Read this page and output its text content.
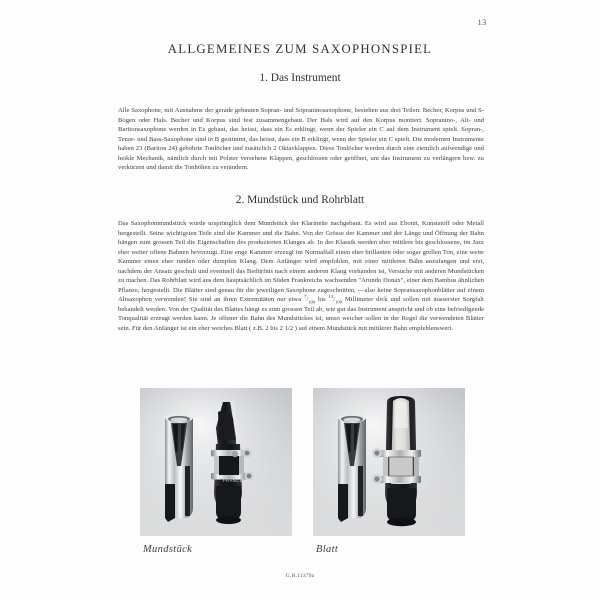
13
ALLGEMEINES ZUM SAXOPHONSPIEL
1. Das Instrument
Alle Saxophone, mit Ausnahme der gerade gebauten Sopran- und Sopraninosaxophone, bestehen aus drei Teilen: Becher, Korpus und S-Bogen oder Hals. Becher und Korpus sind fest zusammengebaut. Der Hals wird auf den Korpus montiert. Sopranino-, Alt- und Baritonsaxophone werden in Es gebaut, das heisst, dass ein Es erklingt, wenn der Spieler ein C auf dem Instrument spielt. Sopran-, Tenor- und Bass-Saxophone sind in B gestimmt, das heisst, dass ein B erklingt, wenn der Spieler ein C spielt. Die modernen Instrumente haben 23 (Bariton 24) gebohrte Tonlöcher und zusätzlich 2 Oktavklappen. Diese Tonlöcher werden durch eine ziemlich aufwendige und heikle Mechanik, nämlich durch mit Polster versehene Klappen, geschlossen oder geöffnet, um das Instrument zu verlängern bzw. zu verkürzen und damit die Tonhöhen zu verändern.
2. Mundstück und Rohrblatt
Das Saxophonmundstück wurde ursprünglich dem Mundstück der Klarinette nachgebaut. Es wird aus Ebonit, Kunststoff oder Metall hergestellt. Seine wichtigsten Teile sind die Kammer und die Bahn. Von der Grösse der Kammer und der Länge und Öffnung der Bahn hängen zum grossen Teil die Eigenschaften des produzierten Klanges ab. In der Klassik werden eher mittlere bis geschlossene, im Jazz eher weiter offene Bahnen bevorzugt. Eine enge Kammer erzeugt im Normalfall einen eher brillanten oder sogar grellen Ton, eine weite Kammer einen eher runden oder dumpfen Klang. Dem Anfänger wird empfohlen, mit einer mittleren Bahn anzufangen und erst, nachdem der Ansatz geschult und eventuell das Bedürfnis nach einem anderen Klang vorhanden ist, Versuche mit anderen Mundstücken zu machen. Das Rohrblatt wird aus dem hauptsächlich im Süden Frankreichs wachsenden "Arundo Donax", einer dem Bambus ähnlichen Pflanze, hergestellt. Die Blätter sind genau für die jeweiligen Saxophone zugeschnitten, —also keine Sopransaxophonblätter auf einem Altsaxophon verwenden! Sie sind an ihren Extremitäten nur etwa $^7/_{100}$ bis $^{13}/_{100}$ Millimeter dick und sollen mit äusserster Sorgfalt behandelt werden. Von der Qualität des Blattes hängt es zum grossen Teil ab, wie gut das Instrument anspricht und ob eine befriedigende Tonqualität erzeugt werden kann. Je offener die Bahn des Mundstückes ist, umso weicher sollen in der Regel die verwendeten Blätter sein. Für den Anfänger ist ein eher weiches Blatt ( z.B. 2 bis 2 1/2 ) auf einem Mundstück mit mittlerer Bahn empfehlenswert.
FRANCE
Mundstück	Blatt
G.H.11379a
